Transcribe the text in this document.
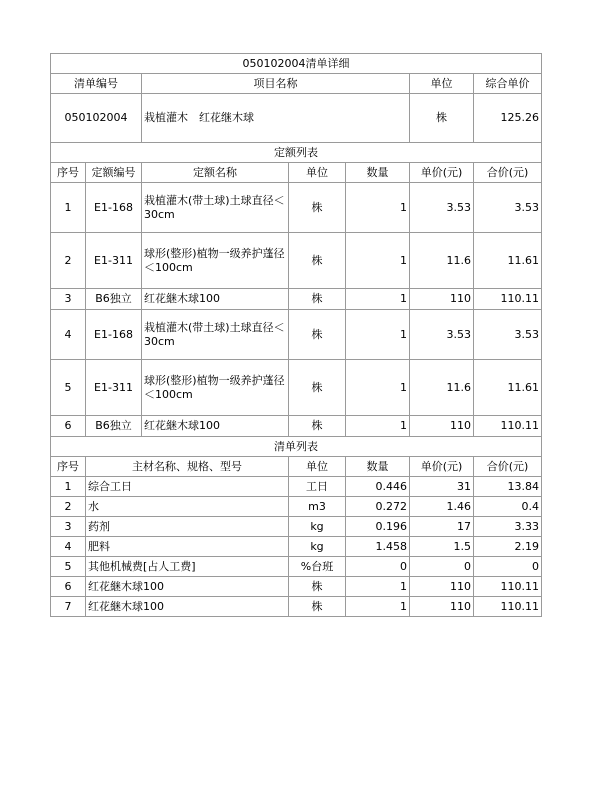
050102004清单详细						
清单编号		项目名称			单位	综合单价
050102004		栽植灌木　红花继木球			株	125.26
定额列表						
序号	定额编号	定额名称	单位	数量	单价(元)	合价(元)
1	E1-168	栽植灌木(带土球)土球直径＜30cm	株	1	3.53	3.53
2	E1-311	球形(整形)植物一级养护蓬径＜100cm	株	1	11.6	11.61
3	B6独立	红花継木球100	株	1	110	110.11
4	E1-168	栽植灌木(带土球)土球直径＜30cm	株	1	3.53	3.53
5	E1-311	球形(整形)植物一级养护蓬径＜100cm	株	1	11.6	11.61
6	B6独立	红花継木球100	株	1	110	110.11
清单列表						
序号	主材名称、规格、型号		单位	数量	单价(元)	合价(元)
1	综合工日		工日	0.446	31	13.84
2	水		m3	0.272	1.46	0.4
3	药剂		kg	0.196	17	3.33
4	肥料		kg	1.458	1.5	2.19
5	其他机械费[占人工费]		%台班	0	0	0
6	红花継木球100		株	1	110	110.11
7	红花継木球100		株	1	110	110.11
